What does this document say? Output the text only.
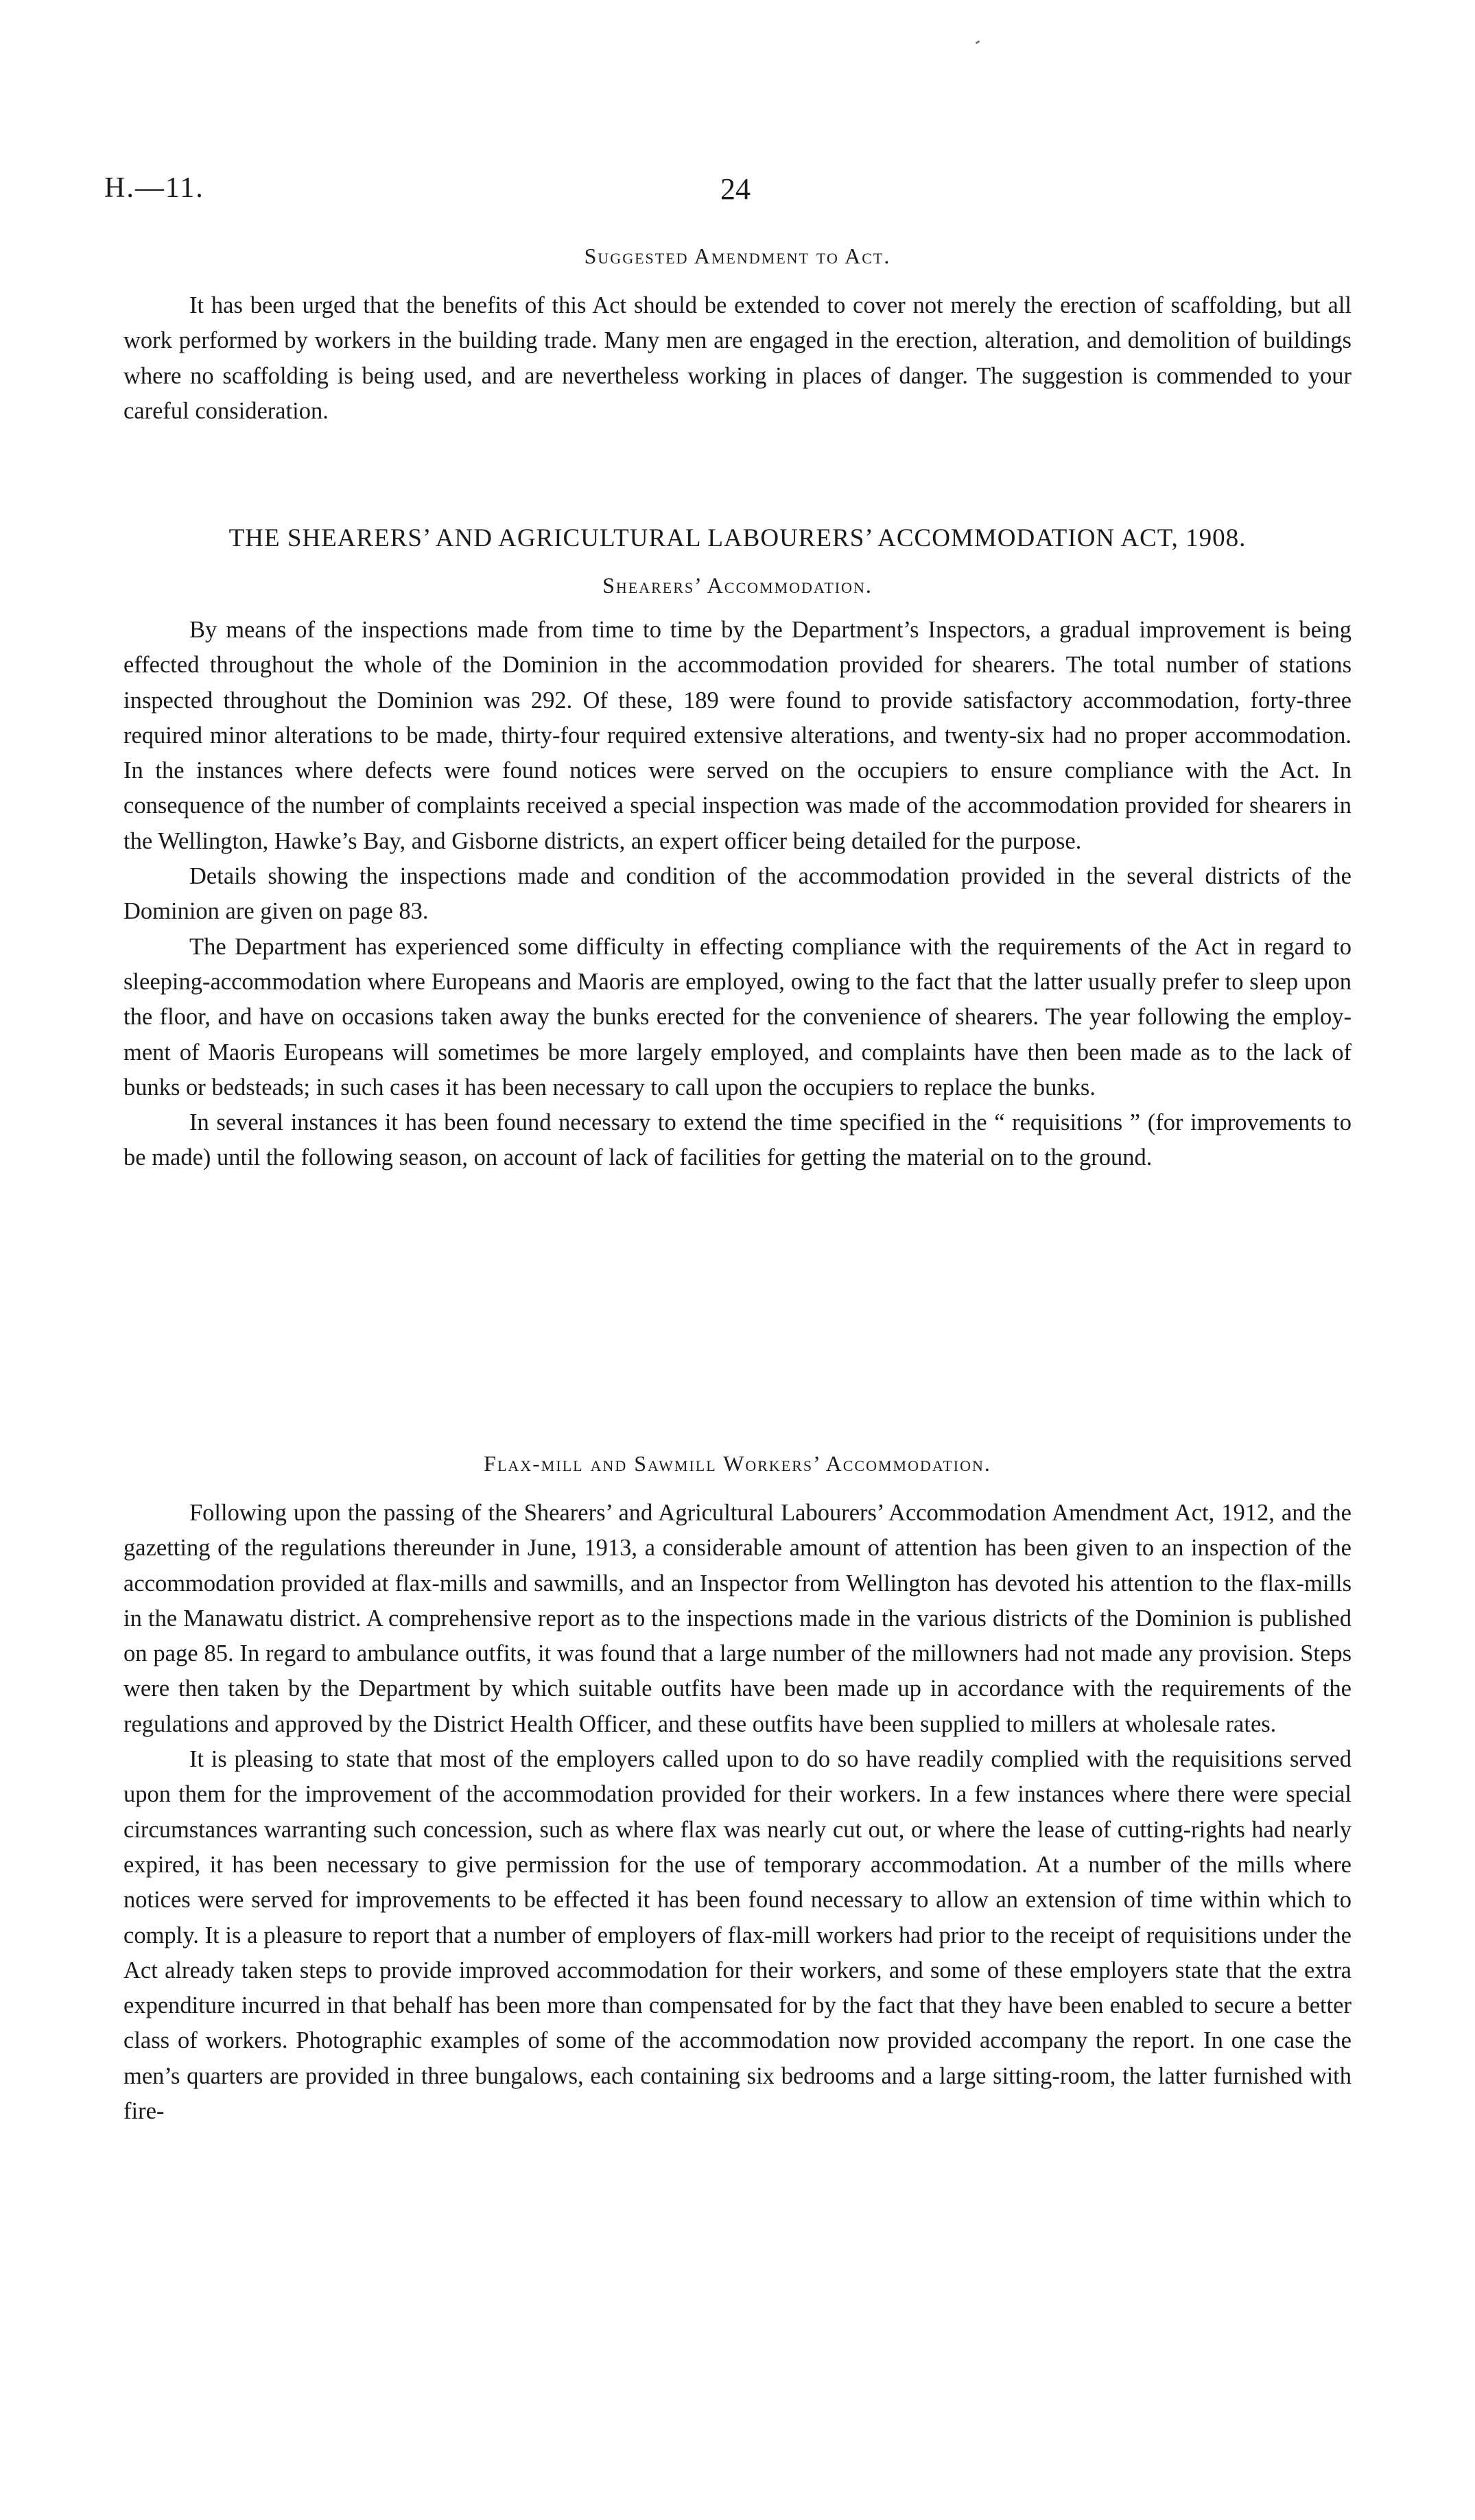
H.—11.	24
Suggested Amendment to Act.

It has been urged that the benefits of this Act should be extended to cover not merely the erection of scaffolding, but all work performed by workers in the building trade. Many men are engaged in the erection, alteration, and demolition of buildings where no scaffolding is being used, and are nevertheless working in places of danger. The suggestion is commended to your careful consideration.

THE SHEARERS’ AND AGRICULTURAL LABOURERS’ ACCOMMODATION ACT, 1908.
Shearers’ Accommodation.

By means of the inspections made from time to time by the Department’s Inspectors, a gradual improvement is being effected throughout the whole of the Dominion in the accommodation provided for shearers. The total number of stations inspected throughout the Dominion was 292. Of these, 189 were found to provide satisfactory accommodation, forty-three required minor alterations to be made, thirty-four required extensive alterations, and twenty-six had no proper accommodation. In the instances where defects were found notices were served on the occupiers to ensure compliance with the Act. In consequence of the number of complaints received a special inspection was made of the accommodation provided for shearers in the Wellington, Hawke’s Bay, and Gisborne districts, an expert officer being detailed for the purpose.

Details showing the inspections made and condition of the accommodation provided in the several districts of the Dominion are given on page 83.

The Department has experienced some difficulty in effecting compliance with the requirements of the Act in regard to sleeping-accommodation where Europeans and Maoris are employed, owing to the fact that the latter usually prefer to sleep upon the floor, and have on occasions taken away the bunks erected for the convenience of shearers. The year following the employment of Maoris Europeans will sometimes be more largely employed, and complaints have then been made as to the lack of bunks or bedsteads; in such cases it has been necessary to call upon the occupiers to replace the bunks.

In several instances it has been found necessary to extend the time specified in the “ requisitions ” (for improvements to be made) until the following season, on account of lack of facilities for getting the material on to the ground.

Flax-mill and Sawmill Workers’ Accommodation.

Following upon the passing of the Shearers’ and Agricultural Labourers’ Accommodation Amendment Act, 1912, and the gazetting of the regulations thereunder in June, 1913, a considerable amount of attention has been given to an inspection of the accommodation provided at flax-mills and sawmills, and an Inspector from Wellington has devoted his attention to the flax-mills in the Manawatu district. A comprehensive report as to the inspections made in the various districts of the Dominion is published on page 85. In regard to ambulance outfits, it was found that a large number of the millowners had not made any provision. Steps were then taken by the Department by which suitable outfits have been made up in accordance with the requirements of the regulations and approved by the District Health Officer, and these outfits have been supplied to millers at wholesale rates.

It is pleasing to state that most of the employers called upon to do so have readily complied with the requisitions served upon them for the improvement of the accommodation provided for their workers. In a few instances where there were special circumstances warranting such concession, such as where flax was nearly cut out, or where the lease of cutting-rights had nearly expired, it has been necessary to give permission for the use of temporary accommodation. At a number of the mills where notices were served for improvements to be effected it has been found necessary to allow an extension of time within which to comply. It is a pleasure to report that a number of employers of flax-mill workers had prior to the receipt of requisitions under the Act already taken steps to provide improved accommodation for their workers, and some of these employers state that the extra expenditure incurred in that behalf has been more than compensated for by the fact that they have been enabled to secure a better class of workers. Photographic examples of some of the accommodation now provided accompany the report. In one case the men’s quarters are provided in three bungalows, each containing six bedrooms and a large sitting-room, the latter furnished with fire-
